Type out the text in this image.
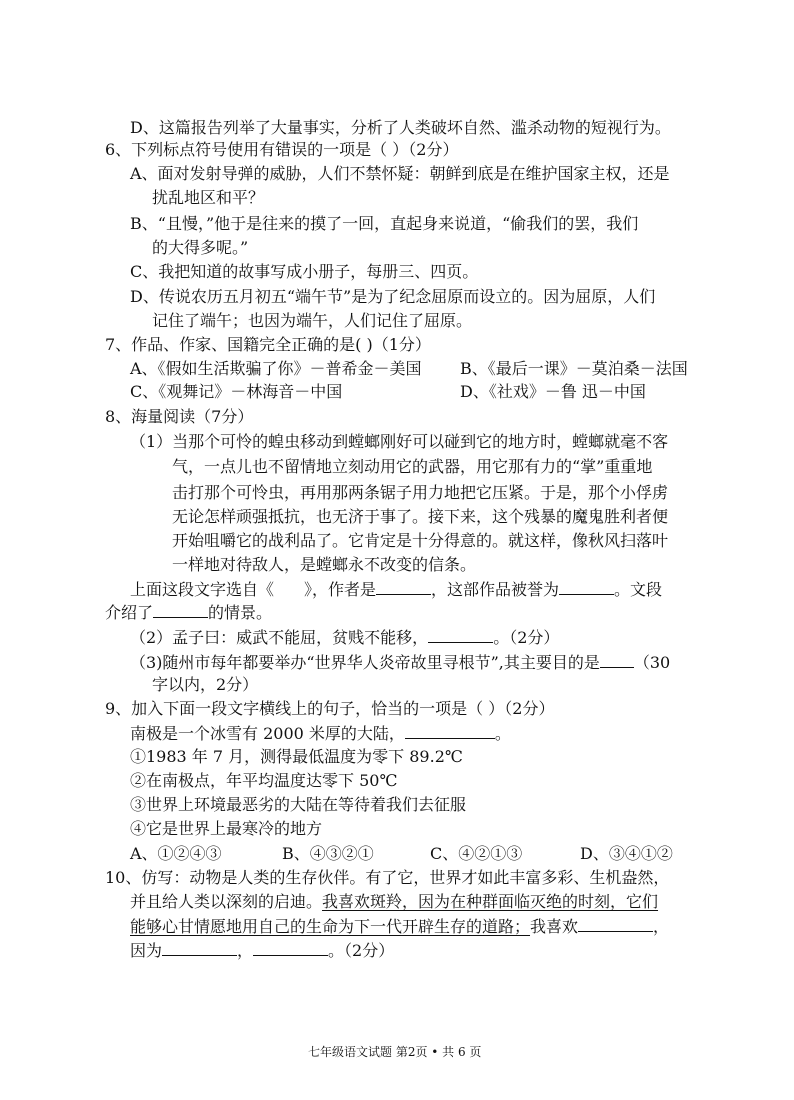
D、这篇报告列举了大量事实，分析了人类破坏自然、滥杀动物的短视行为。
6、下列标点符号使用有错误的一项是（ ）（2分）
A、面对发射导弹的威胁，人们不禁怀疑：朝鲜到底是在维护国家主权，还是
扰乱地区和平？
B、“且慢，”他于是往来的摸了一回，直起身来说道，“偷我们的罢，我们
的大得多呢。”
C、我把知道的故事写成小册子，每册三、四页。
D、传说农历五月初五“端午节”是为了纪念屈原而设立的。因为屈原，人们
记住了端午；也因为端午，人们记住了屈原。
7、作品、作家、国籍完全正确的是( )（1分）
A、《假如生活欺骗了你》－普希金－美国 B、《最后一课》－莫泊桑－法国
C、《观舞记》－林海音－中国	D、《社戏》－鲁 迅－中国
8、海量阅读（7分）
（1）当那个可怜的蝗虫移动到螳螂刚好可以碰到它的地方时，螳螂就毫不客
气，一点儿也不留情地立刻动用它的武器，用它那有力的“掌”重重地
击打那个可怜虫，再用那两条锯子用力地把它压紧。于是，那个小俘虏
无论怎样顽强抵抗，也无济于事了。接下来，这个残暴的魔鬼胜利者便
开始咀嚼它的战利品了。它肯定是十分得意的。就这样，像秋风扫落叶
一样地对待敌人，是螳螂永不改变的信条。
上面这段文字选自《 》，作者是	，这部作品被誉为	。文段
介绍了	的情景。
（2）孟子曰：威武不能屈，贫贱不能移，	。（2分）
（3)随州市每年都要举办“世界华人炎帝故里寻根节”,其主要目的是 （30
字以内，2分）
9、加入下面一段文字横线上的句子，恰当的一项是（ ）（2分）
南极是一个冰雪有 2000 米厚的大陆，	。
①1983 年 7 月，测得最低温度为零下 89.2℃
②在南极点，年平均温度达零下 50℃
③世界上环境最恶劣的大陆在等待着我们去征服
④它是世界上最寒冷的地方
A、①②④③	B、④③②①	C、④②①③	D、③④①②
10、仿写：动物是人类的生存伙伴。有了它，世界才如此丰富多彩、生机盎然，
并且给人类以深刻的启迪。我喜欢斑羚，因为在种群面临灭绝的时刻，它们
能够心甘情愿地用自己的生命为下一代开辟生存的道路；我喜欢	，
因为	，	。（2分）
七年级语文试题 第2页 • 共 6 页
